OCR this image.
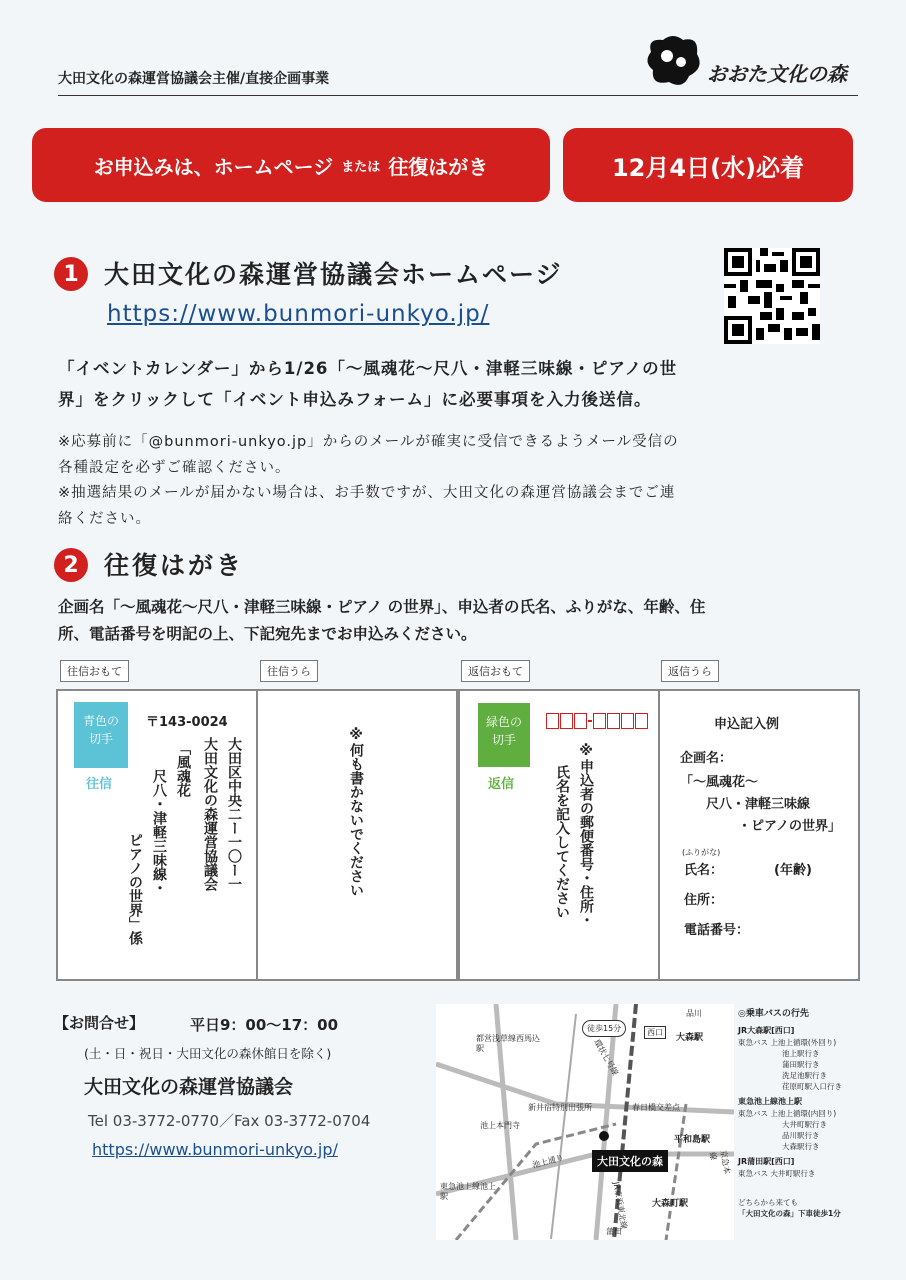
大田文化の森運営協議会主催/直接企画事業	おおた文化の森
お申込みは、ホームページ または 往復はがき	12月4日(水)必着
1	大田文化の森運営協議会ホームページ
https://www.bunmori-unkyo.jp/
「イベントカレンダー」から1/26「〜風魂花〜尺八・津軽三味線・ピアノの世
界」をクリックして「イベント申込みフォーム」に必要事項を入力後送信。
※応募前に「@bunmori-unkyo.jp」からのメールが確実に受信できるようメール受信の
各種設定を必ずご確認ください。
※抽選結果のメールが届かない場合は、お手数ですが、大田文化の森運営協議会までご連
絡ください。
2	往復はがき
企画名「〜風魂花〜尺八・津軽三味線・ピアノ の世界」、申込者の氏名、ふりがな、年齢、住
所、電話番号を明記の上、下記宛先までお申込みください。
往信おもて	往信うら	返信おもて	返信うら
青色の切手
往信
〒143-0024
大田区中央二ー一〇ー一
大田文化の森運営協議会
「風魂花
尺八・津軽三味線・
ピアノの世界」係	※何も書かないでください
緑色の切手
返信	※申込者の郵便番号・住所・
氏名を記入してください
申込記入例
企画名：
「〜風魂花〜
尺八・津軽三味線
・ピアノの世界」
(ふりがな)
氏名：	(年齢)
住所：
電話番号：
【お問合せ】	平日9：00〜17：00
(土・日・祝日・大田文化の森休館日を除く)
大田文化の森運営協議会
Tel 03-3772-0770／Fax 03-3772-0704
https://www.bunmori-unkyo.jp/
品川
都営浅草線西馬込駅
徒歩15分	西口
大森駅
環状七号線
新井宿特別出張所	春日橋交差点
池上本門寺
平和島駅
大田文化の森
池上通り	京急本線
東急池上線池上駅	JR京浜東北線	大森町駅
蒲田
◎乗車バスの行先
JR大森駅[西口]
東急バス 上池上循環(外回り)
池上駅行き
蒲田駅行き
洗足池駅行き
荏原町駅入口行き
東急池上線池上駅
東急バス 上池上循環(内回り)
大井町駅行き
品川駅行き
大森駅行き
JR蒲田駅[西口]
東急バス 大井町駅行き
どちらから来ても
「大田文化の森」下車徒歩1分
